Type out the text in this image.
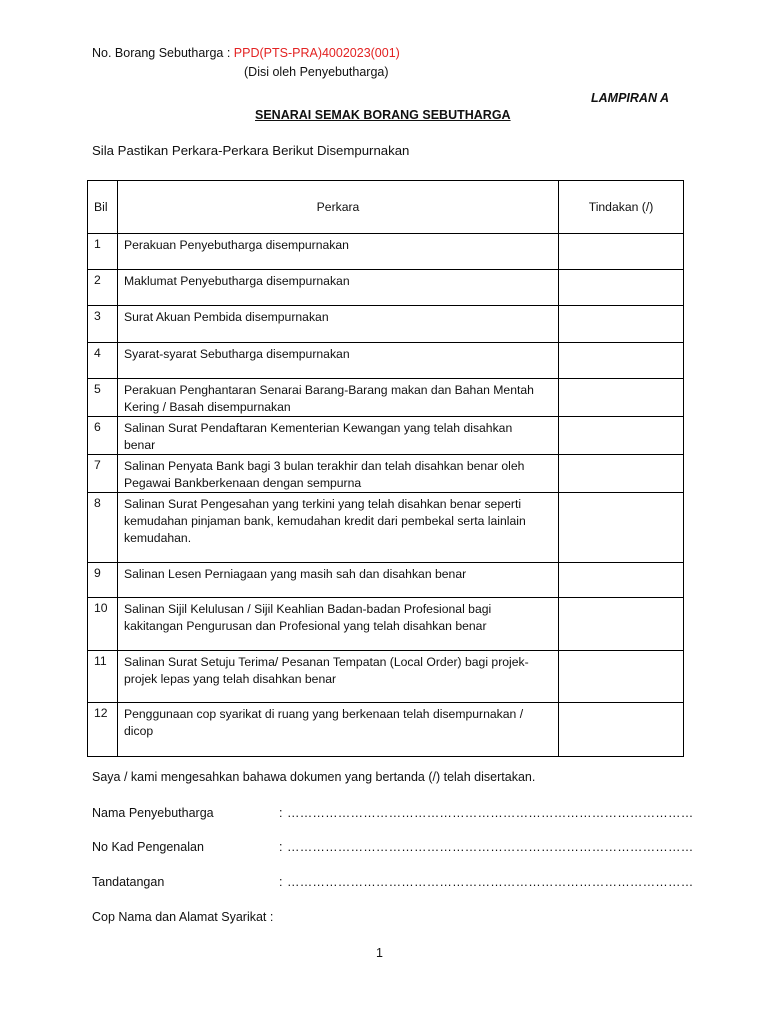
No. Borang Sebutharga : PPD(PTS-PRA)4002023(001)
(Disi oleh Penyebutharga)
LAMPIRAN A
SENARAI SEMAK BORANG SEBUTHARGA
Sila Pastikan Perkara-Perkara Berikut Disempurnakan
Bil	Perkara	Tindakan (/)
1	Perakuan Penyebutharga disempurnakan	

2	Maklumat Penyebutharga disempurnakan	

3	Surat Akuan Pembida disempurnakan	

4	Syarat-syarat Sebutharga disempurnakan	

5	Perakuan Penghantaran Senarai Barang-Barang makan dan Bahan Mentah
Kering / Basah disempurnakan	

6	Salinan Surat Pendaftaran Kementerian Kewangan yang telah disahkan
benar	

7	Salinan Penyata Bank bagi 3 bulan terakhir dan telah disahkan benar oleh
Pegawai Bankberkenaan dengan sempurna	

8	Salinan Surat Pengesahan yang terkini yang telah disahkan benar seperti
kemudahan pinjaman bank, kemudahan kredit dari pembekal serta lainlain
kemudahan.	

9	Salinan Lesen Perniagaan yang masih sah dan disahkan benar	

10	Salinan Sijil Kelulusan / Sijil Keahlian Badan-badan Profesional bagi
kakitangan Pengurusan dan Profesional yang telah disahkan benar	

11	Salinan Surat Setuju Terima/ Pesanan Tempatan (Local Order) bagi projek-
projek lepas yang telah disahkan benar	

12	Penggunaan cop syarikat di ruang yang berkenaan telah disempurnakan /
dicop	

Saya / kami mengesahkan bahawa dokumen yang bertanda (/) telah disertakan.
Nama Penyebutharga	: ……………………………………………………………………………………
No Kad Pengenalan	: ……………………………………………………………………………………
Tandatangan	: ……………………………………………………………………………………
Cop Nama dan Alamat Syarikat :
1
